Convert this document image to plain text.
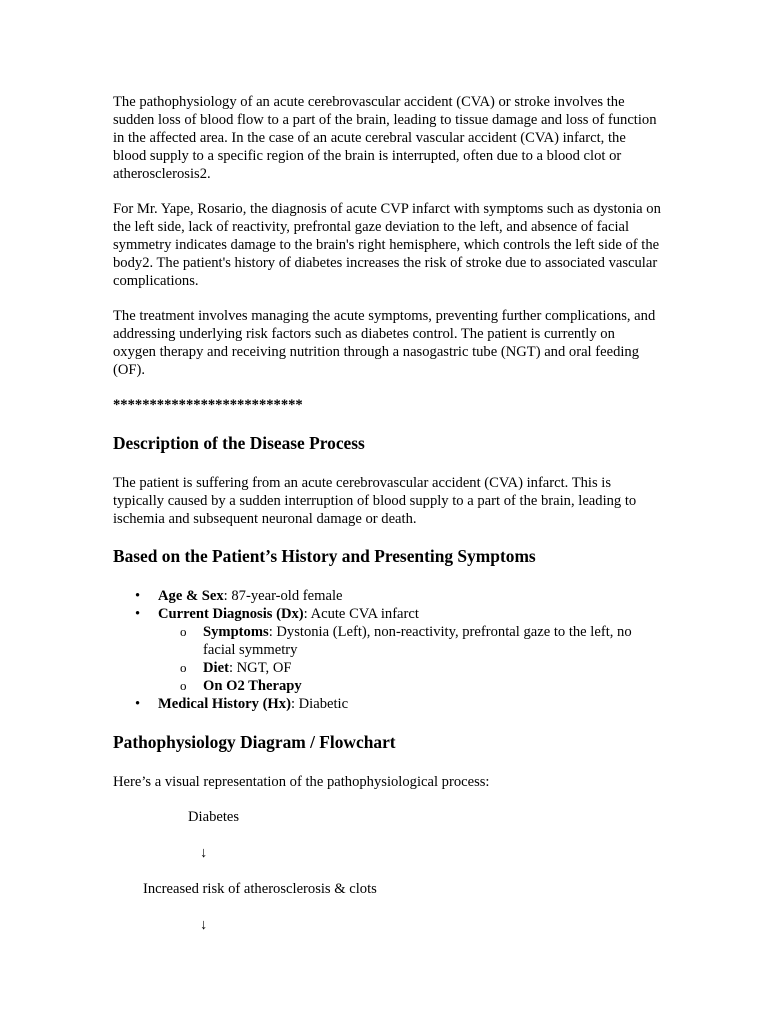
The pathophysiology of an acute cerebrovascular accident (CVA) or stroke involves the sudden loss of blood flow to a part of the brain, leading to tissue damage and loss of function in the affected area. In the case of an acute cerebral vascular accident (CVA) infarct, the blood supply to a specific region of the brain is interrupted, often due to a blood clot or atherosclerosis2.

For Mr. Yape, Rosario, the diagnosis of acute CVP infarct with symptoms such as dystonia on the left side, lack of reactivity, prefrontal gaze deviation to the left, and absence of facial symmetry indicates damage to the brain's right hemisphere, which controls the left side of the body2. The patient's history of diabetes increases the risk of stroke due to associated vascular complications.

The treatment involves managing the acute symptoms, preventing further complications, and addressing underlying risk factors such as diabetes control. The patient is currently on oxygen therapy and receiving nutrition through a nasogastric tube (NGT) and oral feeding (OF).

**************************

Description of the Disease Process

The patient is suffering from an acute cerebrovascular accident (CVA) infarct. This is typically caused by a sudden interruption of blood supply to a part of the brain, leading to ischemia and subsequent neuronal damage or death.

Based on the Patient’s History and Presenting Symptoms
• Age & Sex: 87-year-old female
• Current Diagnosis (Dx): Acute CVA infarct
o Symptoms: Dystonia (Left), non-reactivity, prefrontal gaze to the left, no facial symmetry
o Diet: NGT, OF
o On O2 Therapy
• Medical History (Hx): Diabetic
Pathophysiology Diagram / Flowchart

Here’s a visual representation of the pathophysiological process:

Diabetes

↓

Increased risk of atherosclerosis & clots

↓
